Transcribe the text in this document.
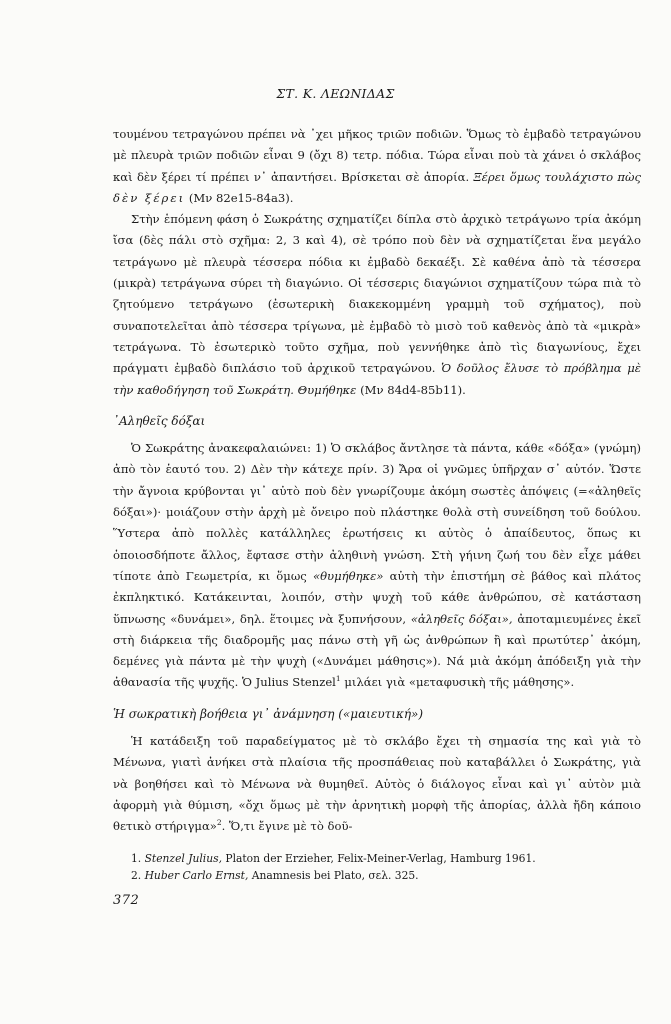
ΣΤ. Κ. ΛΕΩΝΙΔΑΣ

τουμένου τετραγώνου πρέπει νὰ ᾿χει μῆκος τριῶν ποδιῶν. Ὅμως τὸ ἐμβαδὸ τετραγώνου μὲ πλευρὰ τριῶν ποδιῶν εἶναι 9 (ὄχι 8) τετρ. πόδια. Τώρα εἶναι ποὺ τὰ χάνει ὁ σκλάβος καὶ δὲν ξέρει τί πρέπει ν᾿ ἀπαντήσει. Βρίσκεται σὲ ἀπορία. Ξέρει ὅμως τουλάχιστο πὼς δὲν ξέρει (Μν 82e15-84a3).

Στὴν ἑπόμενη φάση ὁ Σωκράτης σχηματίζει δίπλα στὸ ἀρχικὸ τετράγωνο τρία ἀκόμη ἴσα (δὲς πάλι στὸ σχῆμα: 2, 3 καὶ 4), σὲ τρόπο ποὺ δὲν νὰ σχηματίζεται ἕνα μεγάλο τετράγωνο μὲ πλευρὰ τέσσερα πόδια κι ἐμβαδὸ δεκαέξι. Σὲ καθένα ἀπὸ τὰ τέσσερα (μικρὰ) τετράγωνα σύρει τὴ διαγώνιο. Οἱ τέσσερις διαγώνιοι σχηματίζουν τώρα πιὰ τὸ ζητούμενο τετράγωνο (ἐσωτερικὴ διακεκομμένη γραμμὴ τοῦ σχήματος), ποὺ συναποτελεῖται ἀπὸ τέσσερα τρίγωνα, μὲ ἐμβαδὸ τὸ μισὸ τοῦ καθενὸς ἀπὸ τὰ «μικρὰ» τετράγωνα. Τὸ ἐσωτερικὸ τοῦτο σχῆμα, ποὺ γεννήθηκε ἀπὸ τὶς διαγωνίους, ἔχει πράγματι ἐμβαδὸ διπλάσιο τοῦ ἀρχικοῦ τετραγώνου. Ὁ δοῦλος ἔλυσε τὸ πρόβλημα μὲ τὴν καθοδήγηση τοῦ Σωκράτη. Θυμήθηκε (Μν 84d4-85b11).

᾿Αληθεῖς δόξαι

Ὁ Σωκράτης ἀνακεφαλαιώνει: 1) Ὁ σκλάβος ἄντλησε τὰ πάντα, κάθε «δόξα» (γνώμη) ἀπὸ τὸν ἑαυτό του. 2) Δὲν τὴν κάτεχε πρίν. 3) Ἄρα οἱ γνῶμες ὑπῆρχαν σ᾿ αὐτόν. Ὥστε τὴν ἄγνοια κρύβονται γι᾿ αὐτὸ ποὺ δὲν γνωρίζουμε ἀκόμη σωστὲς ἀπόψεις (=«ἀληθεῖς δόξαι»)· μοιάζουν στὴν ἀρχὴ μὲ ὄνειρο ποὺ πλάστηκε θολὰ στὴ συνείδηση τοῦ δούλου. Ὕστερα ἀπὸ πολλὲς κατάλληλες ἐρωτήσεις κι αὐτὸς ὁ ἀπαίδευτος, ὅπως κι ὁποιοσδήποτε ἄλλος, ἔφτασε στὴν ἀληθινὴ γνώση. Στὴ γήινη ζωή του δὲν εἶχε μάθει τίποτε ἀπὸ Γεωμετρία, κι ὅμως «θυμήθηκε» αὐτὴ τὴν ἐπιστήμη σὲ βάθος καὶ πλάτος ἐκπληκτικό. Κατάκεινται, λοιπόν, στὴν ψυχὴ τοῦ κάθε ἀνθρώπου, σὲ κατάσταση ὕπνωσης «δυνάμει», δηλ. ἕτοιμες νὰ ξυπνήσουν, «ἀληθεῖς δόξαι», ἀποταμιευμένες ἐκεῖ στὴ διάρκεια τῆς διαδρομῆς μας πάνω στὴ γῆ ὡς ἀνθρώπων ἢ καὶ πρωτύτερ᾿ ἀκόμη, δεμένες γιὰ πάντα μὲ τὴν ψυχὴ («Δυνάμει μάθησις»). Νά μιὰ ἀκόμη ἀπόδειξη γιὰ τὴν ἀθανασία τῆς ψυχῆς. Ὁ Julius Stenzel$^1$ μιλάει γιὰ «μεταφυσικὴ τῆς μάθησης».

Ἡ σωκρατικὴ βοήθεια γι᾿ ἀνάμνηση («μαιευτική»)

Ἡ κατάδειξη τοῦ παραδείγματος μὲ τὸ σκλάβο ἔχει τὴ σημασία της καὶ γιὰ τὸ Μένωνα, γιατὶ ἀνήκει στὰ πλαίσια τῆς προσπάθειας ποὺ καταβάλλει ὁ Σωκράτης, γιὰ νὰ βοηθήσει καὶ τὸ Μένωνα νὰ θυμηθεῖ. Αὐτὸς ὁ διάλογος εἶναι καὶ γι᾿ αὐτὸν μιὰ ἀφορμὴ γιὰ θύμιση, «ὄχι ὅμως μὲ τὴν ἀρνητικὴ μορφὴ τῆς ἀπορίας, ἀλλὰ ἤδη κάποιο θετικὸ στήριγμα»$^2$. Ὅ,τι ἔγινε μὲ τὸ δοῦ-

1. Stenzel Julius, Platon der Erzieher, Felix-Meiner-Verlag, Hamburg 1961.
2. Huber Carlo Ernst, Anamnesis bei Plato, σελ. 325.
372
